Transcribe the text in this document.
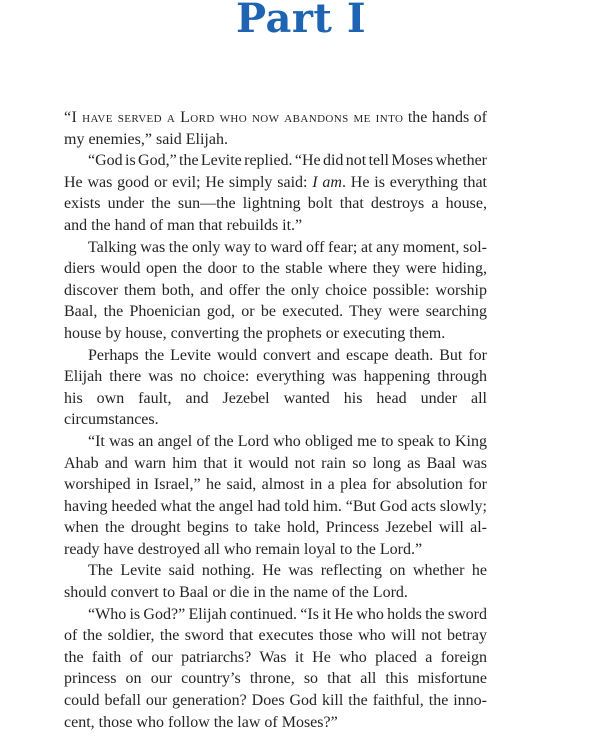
Part I
“I have served a Lord who now abandons me into the hands of
my enemies,” said Elijah.
“God is God,” the Levite replied. “He did not tell Moses whether
He was good or evil; He simply said: I am. He is everything that
exists under the sun—the lightning bolt that destroys a house,
and the hand of man that rebuilds it.”
Talking was the only way to ward off fear; at any moment, sol-
diers would open the door to the stable where they were hiding,
discover them both, and offer the only choice possible: worship
Baal, the Phoenician god, or be executed. They were searching
house by house, converting the prophets or executing them.
Perhaps the Levite would convert and escape death. But for
Elijah there was no choice: everything was happening through
his own fault, and Jezebel wanted his head under all
circumstances.
“It was an angel of the Lord who obliged me to speak to King
Ahab and warn him that it would not rain so long as Baal was
worshiped in Israel,” he said, almost in a plea for absolution for
having heeded what the angel had told him. “But God acts slowly;
when the drought begins to take hold, Princess Jezebel will al-
ready have destroyed all who remain loyal to the Lord.”
The Levite said nothing. He was reflecting on whether he
should convert to Baal or die in the name of the Lord.
“Who is God?” Elijah continued. “Is it He who holds the sword
of the soldier, the sword that executes those who will not betray
the faith of our patriarchs? Was it He who placed a foreign
princess on our country’s throne, so that all this misfortune
could befall our generation? Does God kill the faithful, the inno-
cent, those who follow the law of Moses?”
